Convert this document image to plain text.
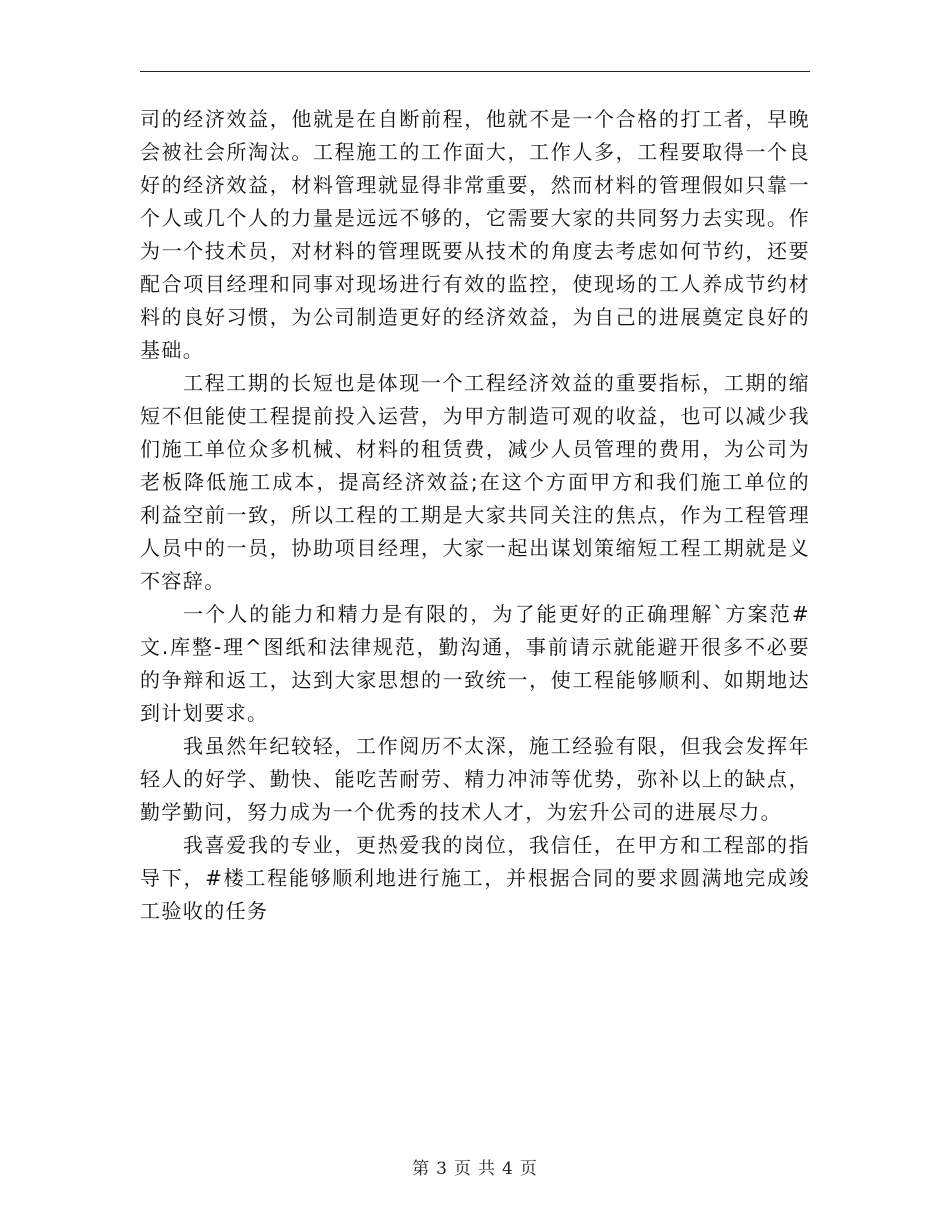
司的经济效益，他就是在自断前程，他就不是一个合格的打工者，早晚会被社会所淘汰。工程施工的工作面大，工作人多，工程要取得一个良好的经济效益，材料管理就显得非常重要，然而材料的管理假如只靠一个人或几个人的力量是远远不够的，它需要大家的共同努力去实现。作为一个技术员，对材料的管理既要从技术的角度去考虑如何节约，还要配合项目经理和同事对现场进行有效的监控，使现场的工人养成节约材料的良好习惯，为公司制造更好的经济效益，为自己的进展奠定良好的基础。

工程工期的长短也是体现一个工程经济效益的重要指标，工期的缩短不但能使工程提前投入运营，为甲方制造可观的收益，也可以减少我们施工单位众多机械、材料的租赁费，减少人员管理的费用，为公司为老板降低施工成本，提高经济效益;在这个方面甲方和我们施工单位的利益空前一致，所以工程的工期是大家共同关注的焦点，作为工程管理人员中的一员，协助项目经理，大家一起出谋划策缩短工程工期就是义不容辞。

一个人的能力和精力是有限的，为了能更好的正确理解`方案范#文.库整-理^图纸和法律规范，勤沟通，事前请示就能避开很多不必要的争辩和返工，达到大家思想的一致统一，使工程能够顺利、如期地达到计划要求。

我虽然年纪较轻，工作阅历不太深，施工经验有限，但我会发挥年轻人的好学、勤快、能吃苦耐劳、精力冲沛等优势，弥补以上的缺点，勤学勤问，努力成为一个优秀的技术人才，为宏升公司的进展尽力。

我喜爱我的专业，更热爱我的岗位，我信任，在甲方和工程部的指导下，#楼工程能够顺利地进行施工，并根据合同的要求圆满地完成竣工验收的任务

第 3 页 共 4 页
